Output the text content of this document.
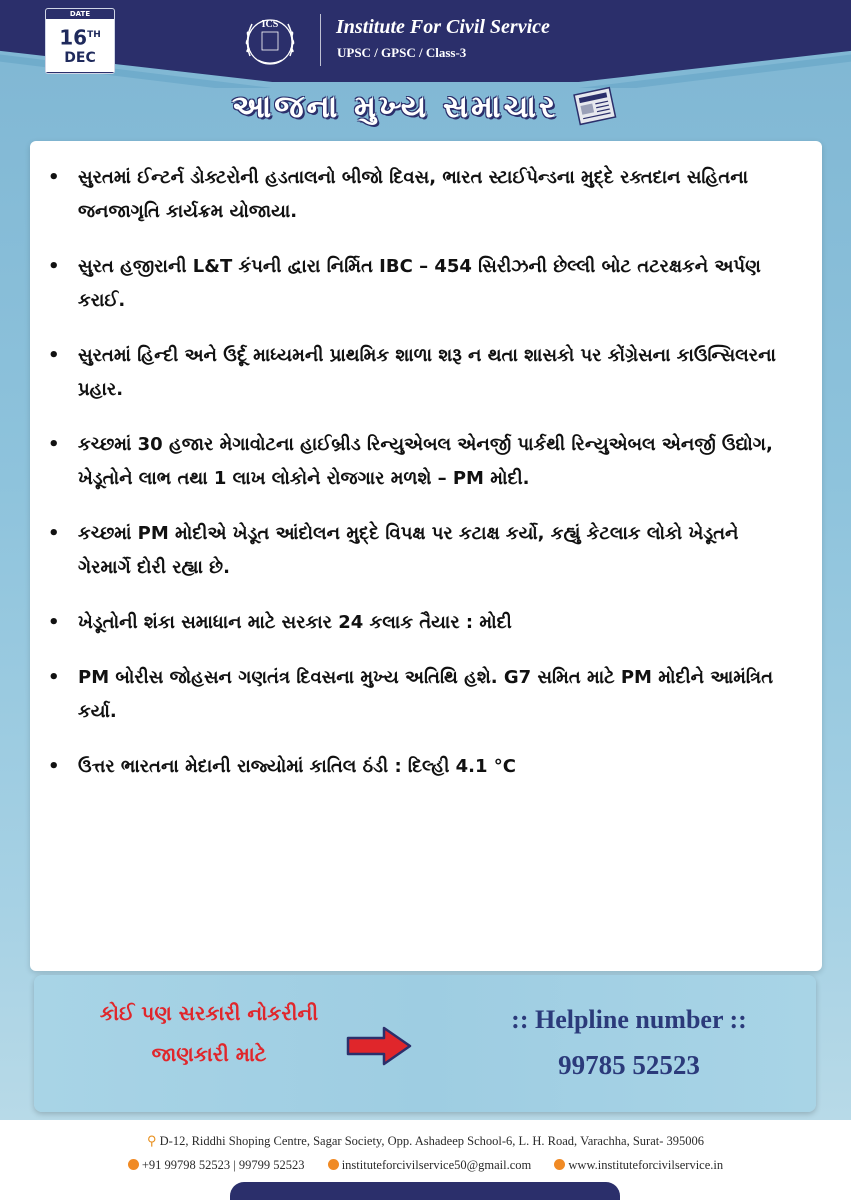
DATE
16TH
DEC
ICS	Institute For Civil Service
UPSC / GPSC / Class-3
આજના મુખ્ય સમાચાર
•	સુરતમાં ઈન્ટર્ન ડોક્ટરોની હડતાલનો બીજો દિવસ, ભારત સ્ટાઈપેન્ડના મુદ્દે રક્તદાન સહિતના જનજાગૃતિ કાર્યક્રમ યોજાયા.
•	સુરત હજીરાની L&T કંપની દ્વારા નિર્મિત IBC – 454 સિરીઝની છેલ્લી બોટ તટરક્ષકને અર્પણ કરાઈ.
•	સુરતમાં હિન્દી અને ઉર્દૂ માધ્યમની પ્રાથમિક શાળા શરૂ ન થતા શાસકો પર કોંગ્રેસના કાઉન્સિલરના પ્રહાર.
•	કચ્છમાં 30 હજાર મેગાવોટના હાઈબ્રીડ રિન્યુએબલ એનર્જી પાર્કથી રિન્યુએબલ એનર્જી ઉદ્યોગ, ખેડૂતોને લાભ તથા 1 લાખ લોકોને રોજગાર મળશે – PM મોદી.
•	કચ્છમાં PM મોદીએ ખેડૂત આંદોલન મુદ્દે વિપક્ષ પર કટાક્ષ કર્યો, કહ્યું કેટલાક લોકો ખેડૂતને ગેરમાર્ગે દોરી રહ્યા છે.
•	ખેડૂતોની શંકા સમાધાન માટે સરકાર 24 કલાક તૈયાર : મોદી
•	PM બોરીસ જોહસન ગણતંત્ર દિવસના મુખ્ય અતિથિ હશે. G7 સમિત માટે PM મોદીને આમંત્રિત કર્યા.
•	ઉત્તર ભારતના મેદાની રાજ્યોમાં કાતિલ ઠંડી : દિલ્હી 4.1 °C
કોઈ પણ સરકારી નોકરીની
જાણકારી માટે
:: Helpline number ::
99785 52523
⚲ D-12, Riddhi Shoping Centre, Sagar Society, Opp. Ashadeep School-6, L. H. Road, Varachha, Surat- 395006
+91 99798 52523 | 99799 52523	instituteforcivilservice50@gmail.com	www.instituteforcivilservice.in
